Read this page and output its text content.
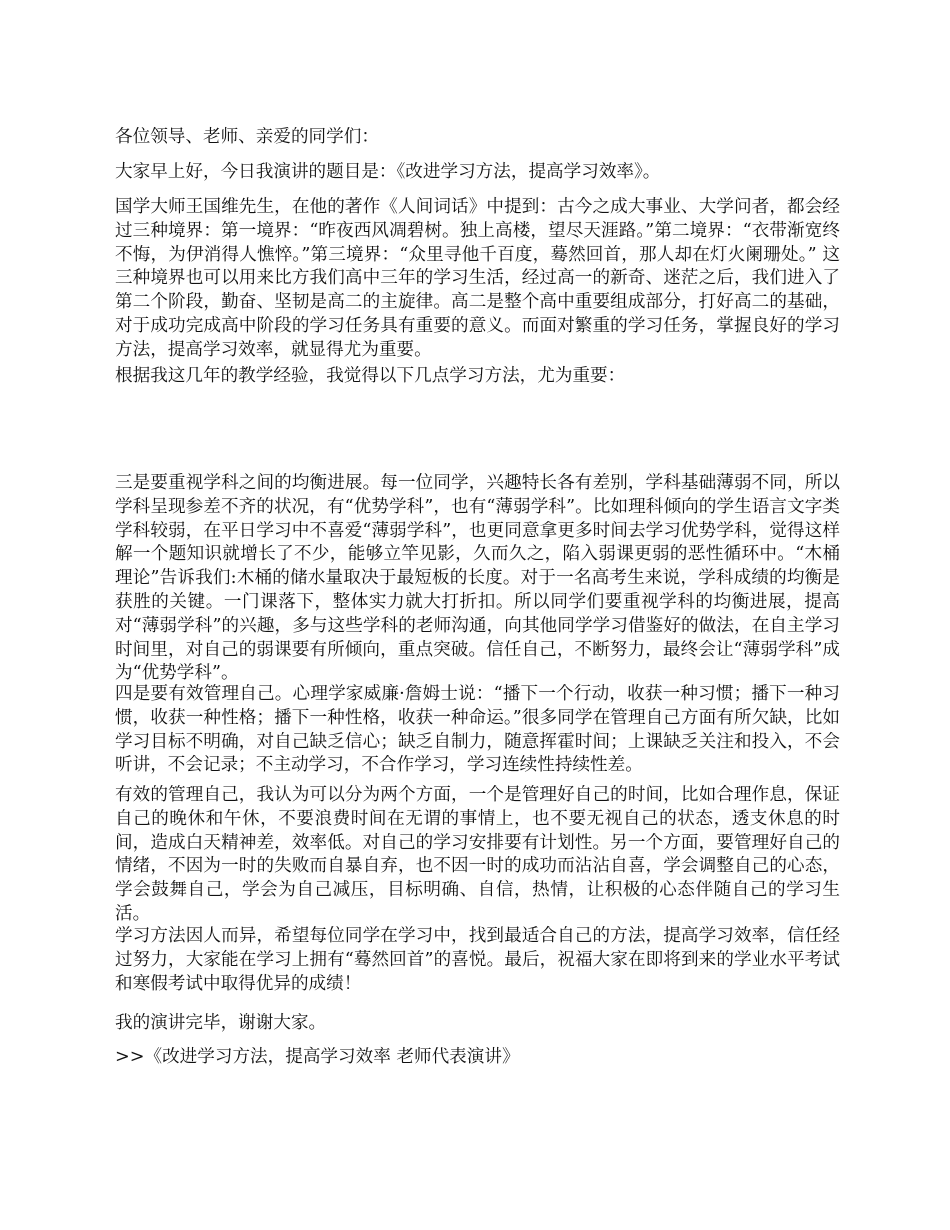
各位领导、老师、亲爱的同学们：

大家早上好，今日我演讲的题目是：《改进学习方法，提高学习效率》。

国学大师王国维先生，在他的著作《人间词话》中提到：古今之成大事业、大学问者，都会经过三种境界：第一境界：“昨夜西风凋碧树。独上高楼，望尽天涯路。”第二境界：“衣带渐宽终不悔，为伊消得人憔悴。”第三境界：“众里寻他千百度，蓦然回首，那人却在灯火阑珊处。” 这三种境界也可以用来比方我们高中三年的学习生活，经过高一的新奇、迷茫之后，我们进入了第二个阶段，勤奋、坚韧是高二的主旋律。高二是整个高中重要组成部分，打好高二的基础，对于成功完成高中阶段的学习任务具有重要的意义。而面对繁重的学习任务，掌握良好的学习方法，提高学习效率，就显得尤为重要。

根据我这几年的教学经验，我觉得以下几点学习方法，尤为重要：

三是要重视学科之间的均衡进展。每一位同学，兴趣特长各有差别，学科基础薄弱不同，所以学科呈现参差不齐的状况，有“优势学科”，也有“薄弱学科”。比如理科倾向的学生语言文字类学科较弱，在平日学习中不喜爱“薄弱学科”，也更同意拿更多时间去学习优势学科，觉得这样解一个题知识就增长了不少，能够立竿见影，久而久之，陷入弱课更弱的恶性循环中。“木桶理论”告诉我们:木桶的储水量取决于最短板的长度。对于一名高考生来说，学科成绩的均衡是获胜的关键。一门课落下，整体实力就大打折扣。所以同学们要重视学科的均衡进展，提高对“薄弱学科”的兴趣，多与这些学科的老师沟通，向其他同学学习借鉴好的做法，在自主学习时间里，对自己的弱课要有所倾向，重点突破。信任自己，不断努力，最终会让“薄弱学科”成为“优势学科”。

四是要有效管理自己。心理学家威廉·詹姆士说：“播下一个行动，收获一种习惯；播下一种习惯，收获一种性格；播下一种性格，收获一种命运。”很多同学在管理自己方面有所欠缺，比如学习目标不明确，对自己缺乏信心；缺乏自制力，随意挥霍时间；上课缺乏关注和投入，不会听讲，不会记录；不主动学习，不合作学习，学习连续性持续性差。

有效的管理自己，我认为可以分为两个方面，一个是管理好自己的时间，比如合理作息，保证自己的晚休和午休，不要浪费时间在无谓的事情上，也不要无视自己的状态，透支休息的时间，造成白天精神差，效率低。对自己的学习安排要有计划性。另一个方面，要管理好自己的情绪，不因为一时的失败而自暴自弃，也不因一时的成功而沾沾自喜，学会调整自己的心态，学会鼓舞自己，学会为自己减压，目标明确、自信，热情，让积极的心态伴随自己的学习生活。

学习方法因人而异，希望每位同学在学习中，找到最适合自己的方法，提高学习效率，信任经过努力，大家能在学习上拥有“蓦然回首”的喜悦。最后，祝福大家在即将到来的学业水平考试和寒假考试中取得优异的成绩！

我的演讲完毕，谢谢大家。

>>《改进学习方法，提高学习效率 老师代表演讲》
